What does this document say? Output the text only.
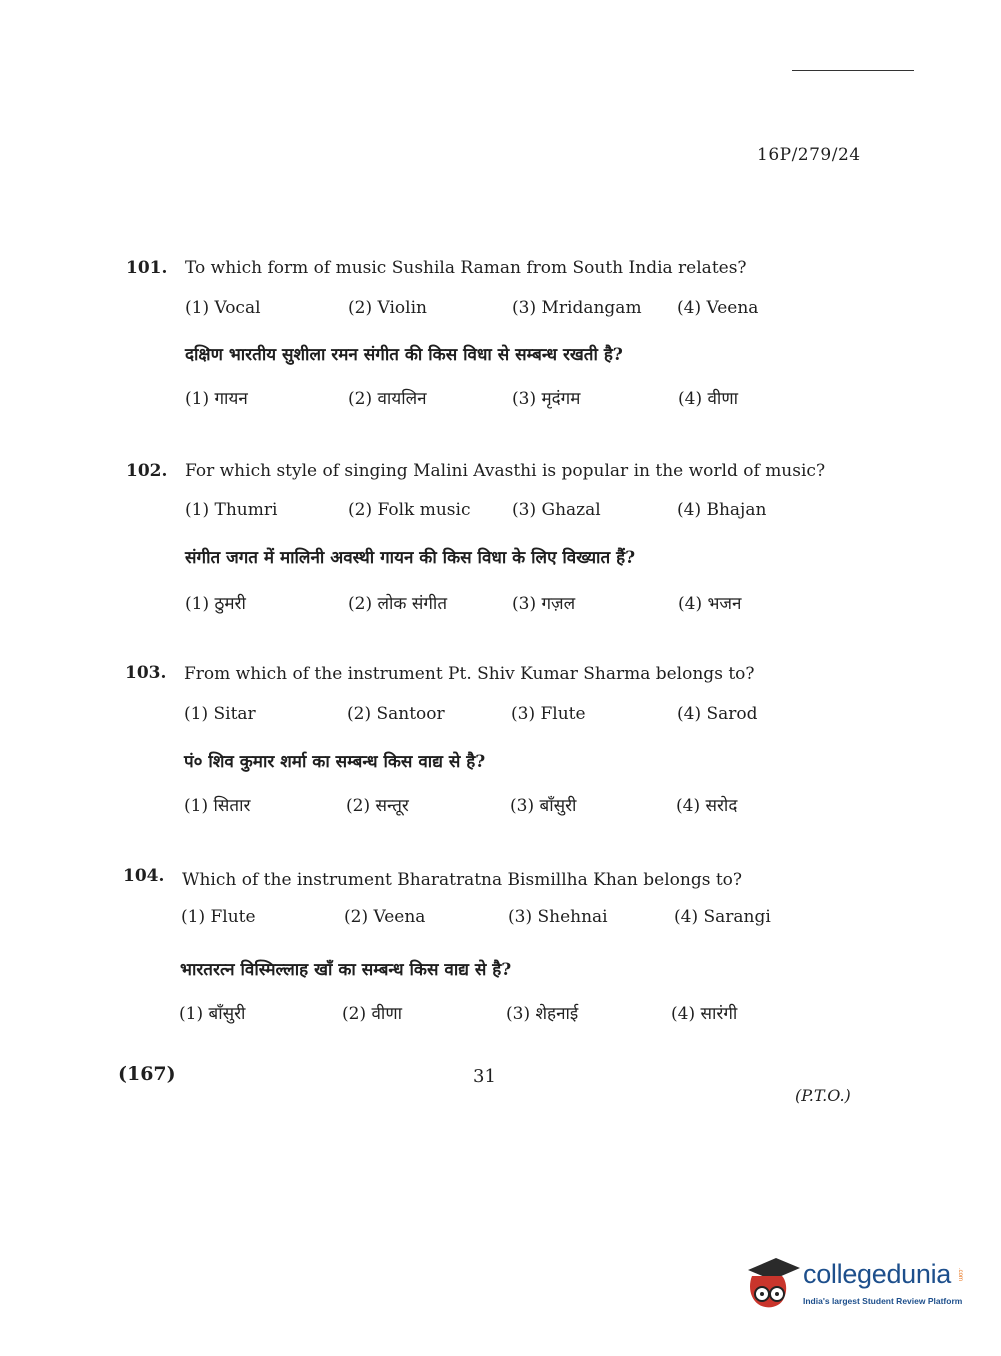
16P/279/24
101. To which form of music Sushila Raman from South India relates?
(1) Vocal	(2) Violin	(3) Mridangam (4) Veena
दक्षिण भारतीय सुशीला रमन संगीत की किस विधा से सम्बन्ध रखती है?
(1) गायन	(2) वायलिन	(3) मृदंगम	(4) वीणा
102. For which style of singing Malini Avasthi is popular in the world of music?
(1) Thumri	(2) Folk music (3) Ghazal	(4) Bhajan
संगीत जगत में मालिनी अवस्थी गायन की किस विधा के लिए विख्यात हैं?
(1) ठुमरी	(2) लोक संगीत	(3) गज़ल	(4) भजन
103. From which of the instrument Pt. Shiv Kumar Sharma belongs to?
(1) Sitar	(2) Santoor	(3) Flute	(4) Sarod
पं० शिव कुमार शर्मा का सम्बन्ध किस वाद्य से है?
(1) सितार	(2) सन्तूर	(3) बाँसुरी	(4) सरोद
104. Which of the instrument Bharatratna Bismillha Khan belongs to?
(1) Flute	(2) Veena	(3) Shehnai	(4) Sarangi
भारतरत्न विस्मिल्लाह खाँ का सम्बन्ध किस वाद्य से है?
(1) बाँसुरी	(2) वीणा	(3) शेहनाई	(4) सारंगी
(167)	31
(P.T.O.)
collegedunia .com
India's largest Student Review Platform
